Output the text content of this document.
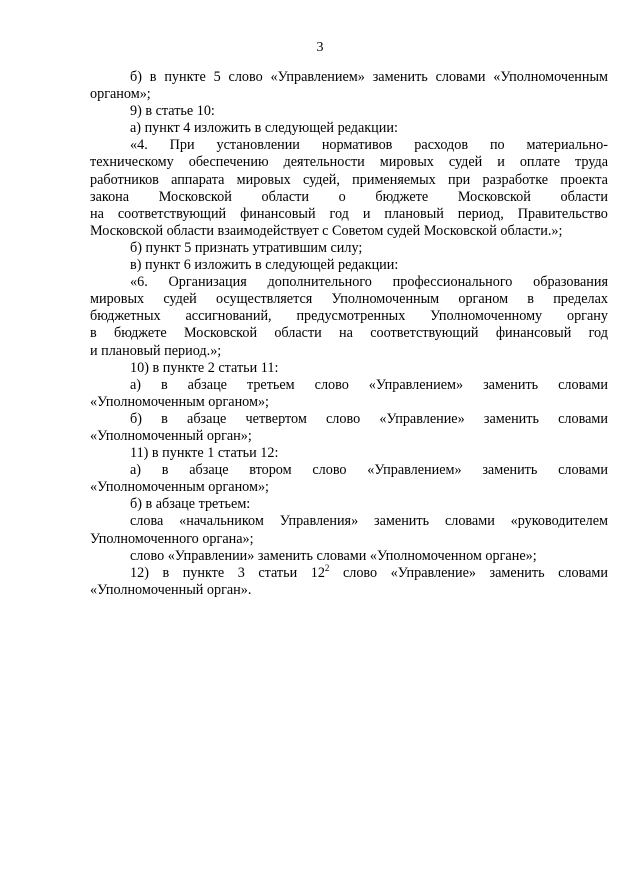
3
б) в пункте 5 слово «Управлением» заменить словами «Уполномоченным
органом»;
9) в статье 10:
а) пункт 4 изложить в следующей редакции:
«4. При установлении нормативов расходов по материально-
техническому обеспечению деятельности мировых судей и оплате труда
работников аппарата мировых судей, применяемых при разработке проекта
закона Московской области о бюджете Московской области
на соответствующий финансовый год и плановый период, Правительство
Московской области взаимодействует с Советом судей Московской области.»;
б) пункт 5 признать утратившим силу;
в) пункт 6 изложить в следующей редакции:
«6. Организация дополнительного профессионального образования
мировых судей осуществляется Уполномоченным органом в пределах
бюджетных ассигнований, предусмотренных Уполномоченному органу
в бюджете Московской области на соответствующий финансовый год
и плановый период.»;
10) в пункте 2 статьи 11:
а) в абзаце третьем слово «Управлением» заменить словами
«Уполномоченным органом»;
б) в абзаце четвертом слово «Управление» заменить словами
«Уполномоченный орган»;
11) в пункте 1 статьи 12:
а) в абзаце втором слово «Управлением» заменить словами
«Уполномоченным органом»;
б) в абзаце третьем:
слова «начальником Управления» заменить словами «руководителем
Уполномоченного органа»;
слово «Управлении» заменить словами «Уполномоченном органе»;
12) в пункте 3 статьи $12^2$ слово «Управление» заменить словами
«Уполномоченный орган».
